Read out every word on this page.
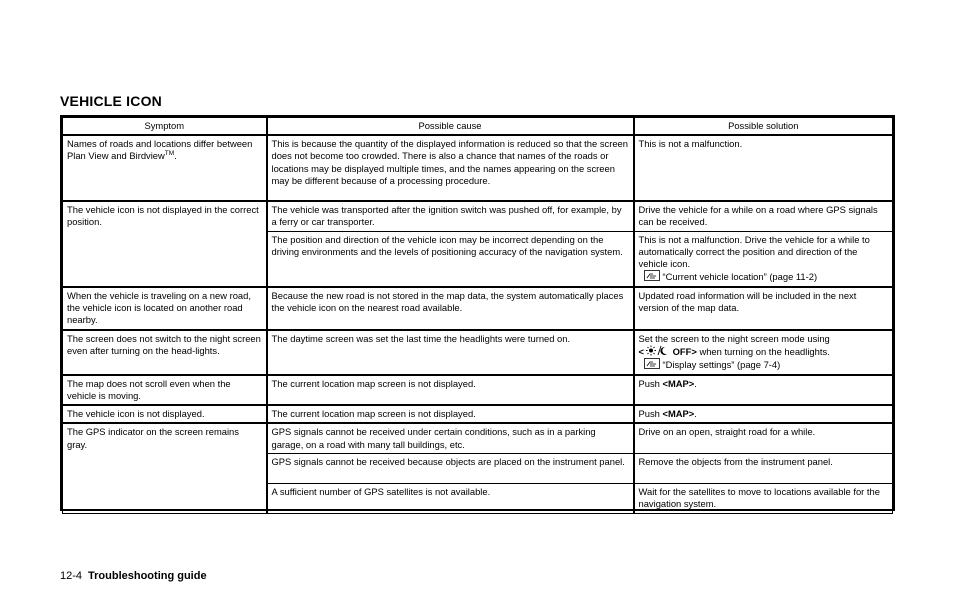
VEHICLE ICON
Symptom	Possible cause	Possible solution
Names of roads and locations differ between Plan View and Birdview™.	This is because the quantity of the displayed information is reduced so that the screen does not become too crowded. There is also a chance that names of the roads or locations may be displayed multiple times, and the names appearing on the screen may be different because of a processing procedure.	This is not a malfunction.
The vehicle icon is not displayed in the correct position.	The vehicle was transported after the ignition switch was pushed off, for example, by a ferry or car transporter.	Drive the vehicle for a while on a road where GPS signals can be received.
	The position and direction of the vehicle icon may be incorrect depending on the driving environments and the levels of positioning accuracy of the navigation system.	This is not a malfunction. Drive the vehicle for a while to automatically correct the position and direction of the vehicle icon.
“Current vehicle location” (page 11-2)

When the vehicle is traveling on a new road, the vehicle icon is located on another road nearby.	Because the new road is not stored in the map data, the system automatically places the vehicle icon on the nearest road available.	Updated road information will be included in the next version of the map data.
The screen does not switch to the night screen even after turning on the head-lights.	The daytime screen was set the last time the headlights were turned on.	Set the screen to the night screen mode using
< OFF> when turning on the headlights.
“Display settings” (page 7-4)

The map does not scroll even when the vehicle is moving.	The current location map screen is not displayed.	Push <MAP>.
The vehicle icon is not displayed.	The current location map screen is not displayed.	Push <MAP>.
The GPS indicator on the screen remains gray.	GPS signals cannot be received under certain conditions, such as in a parking garage, on a road with many tall buildings, etc.	Drive on an open, straight road for a while.
	GPS signals cannot be received because objects are placed on the instrument panel.	Remove the objects from the instrument panel.
	A sufficient number of GPS satellites is not available.	Wait for the satellites to move to locations available for the navigation system.
12-4 Troubleshooting guide
